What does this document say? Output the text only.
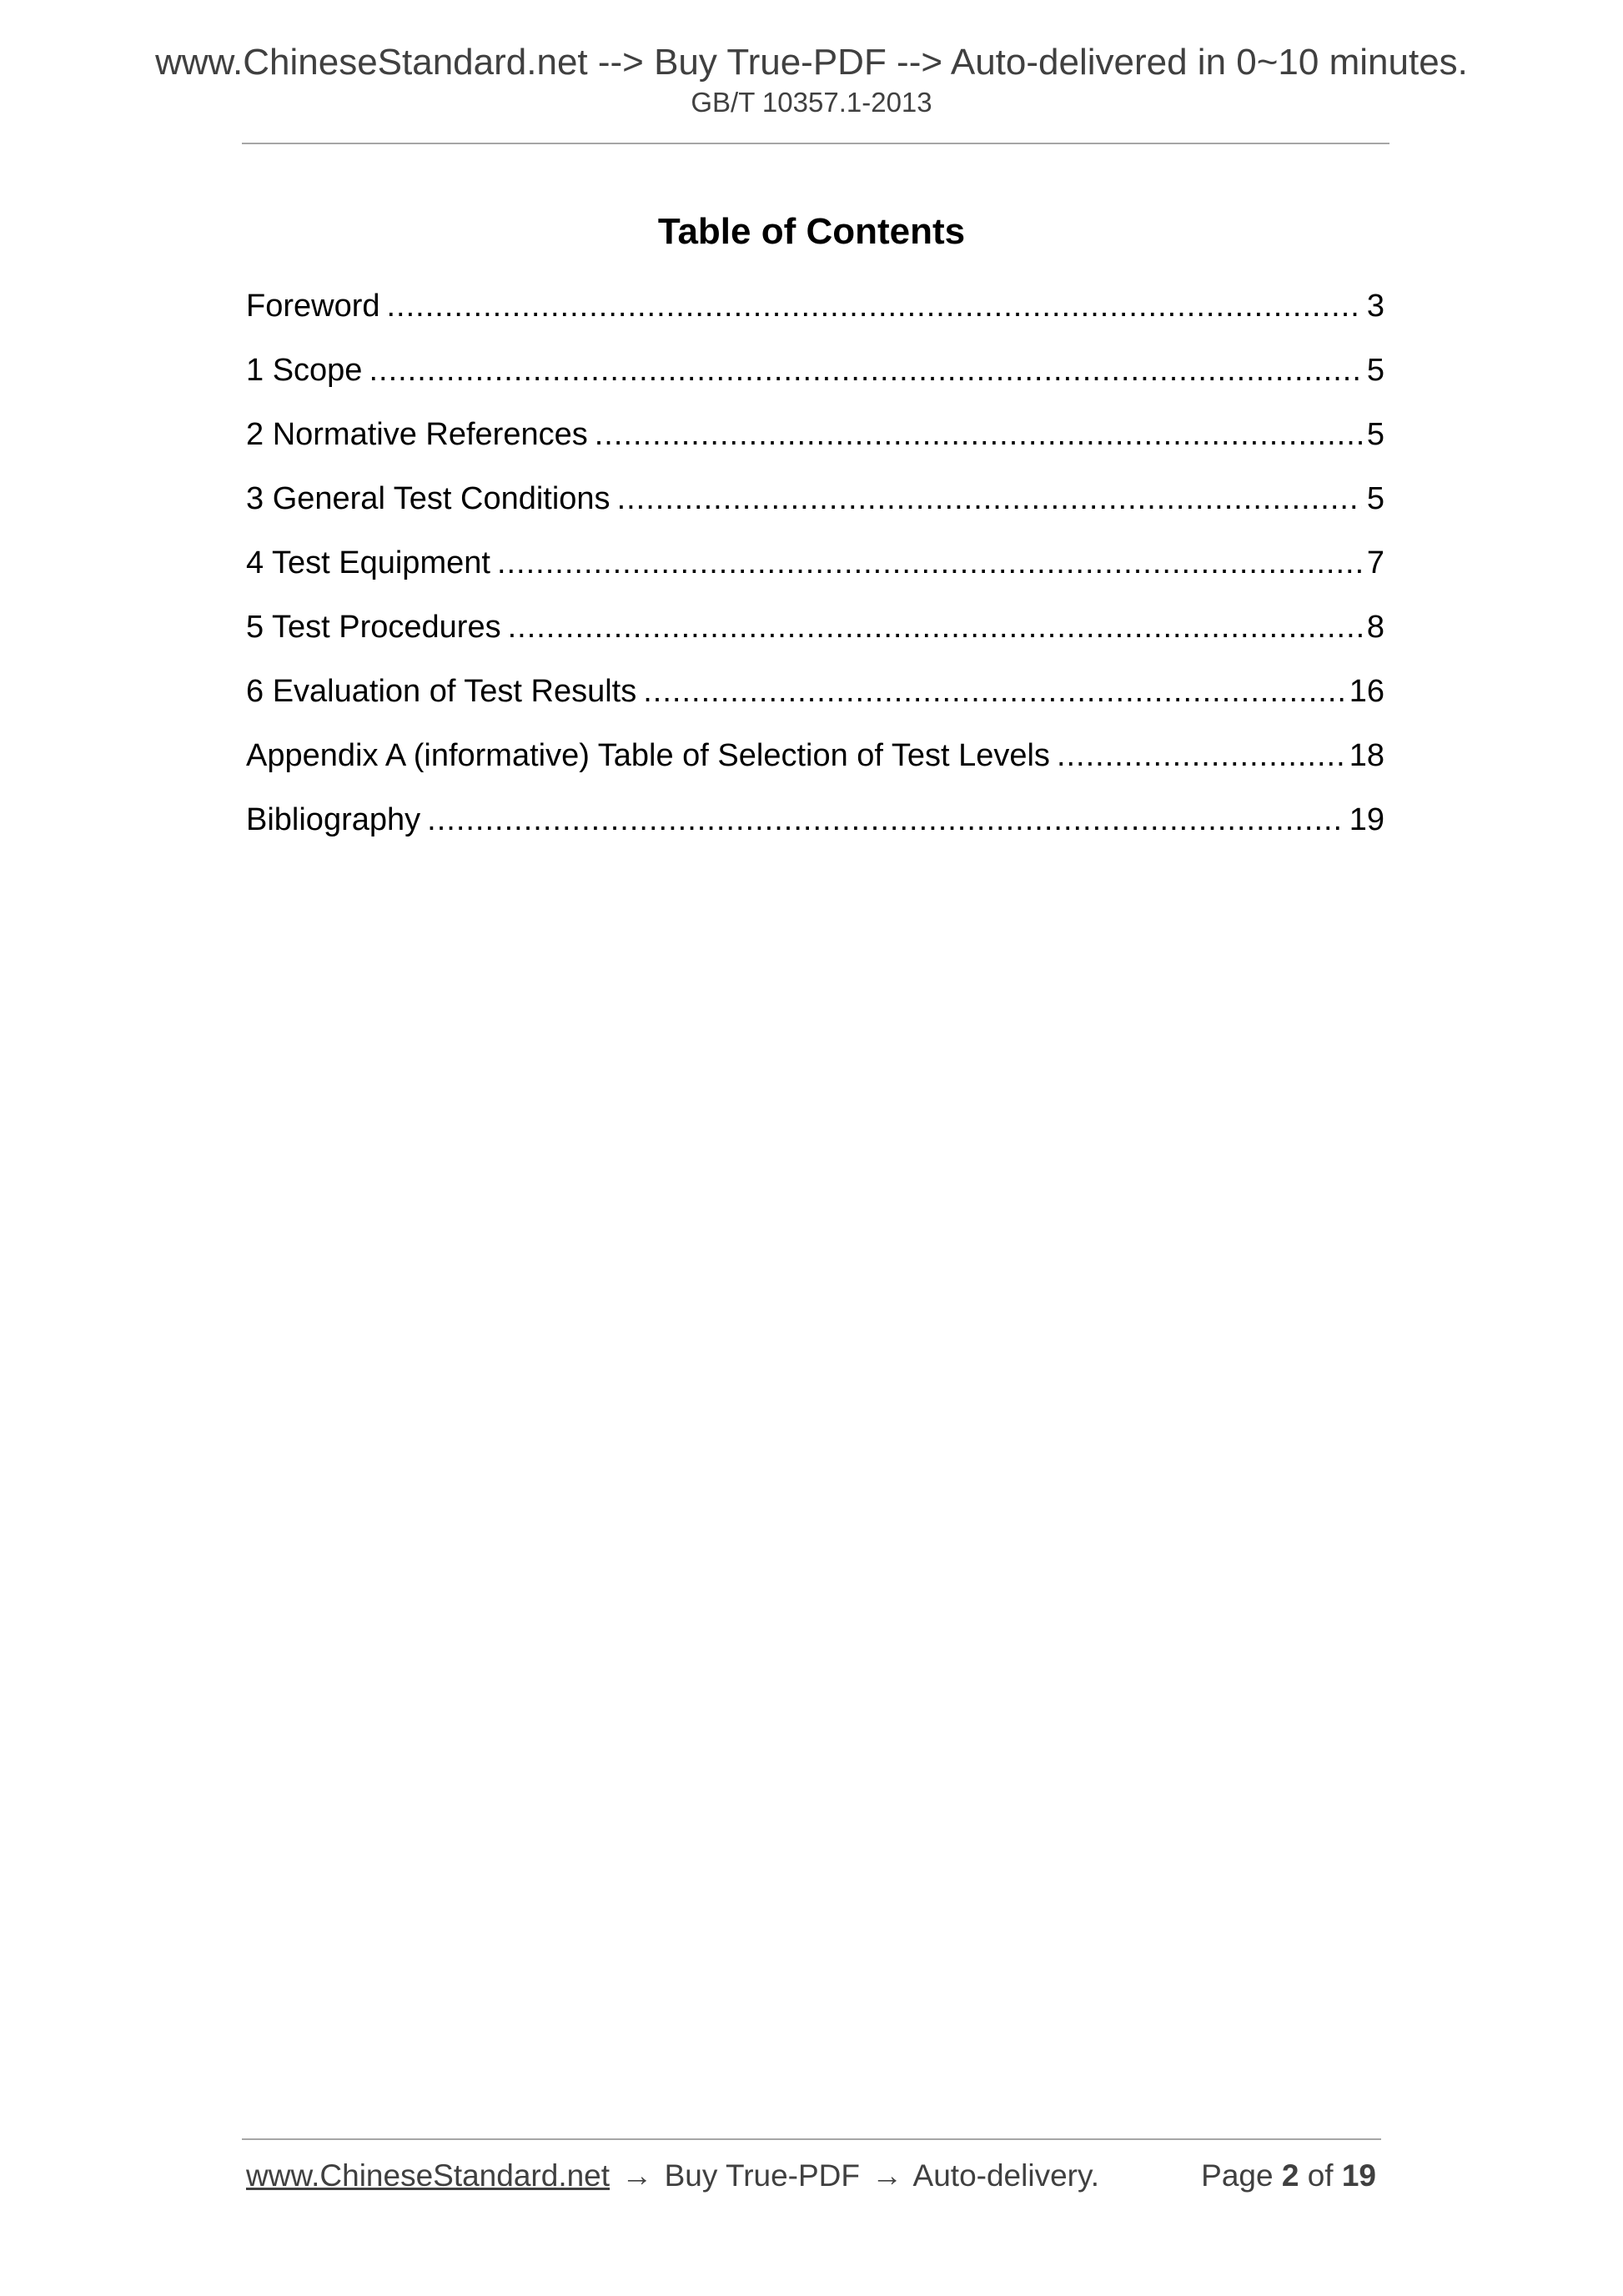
www.ChineseStandard.net --> Buy True-PDF --> Auto-delivered in 0~10 minutes.
GB/T 10357.1-2013
Table of Contents
Foreword .....	3
1 Scope .....	5
2 Normative References .....	5
3 General Test Conditions .....	5
4 Test Equipment .....	7
5 Test Procedures .....	8
6 Evaluation of Test Results .....	16
Appendix A (informative) Table of Selection of Test Levels .....	18
Bibliography .....	19
www.ChineseStandard.net → Buy True-PDF → Auto-delivery.	Page 2 of 19
